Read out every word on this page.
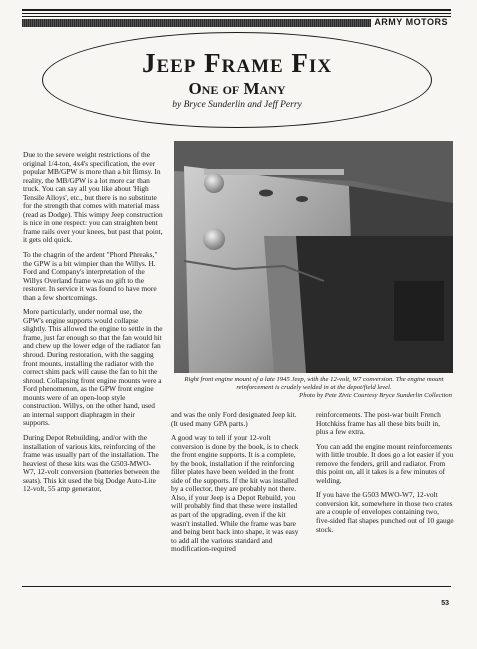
ARMY MOTORS
Jeep Frame Fix
One of Many
by Bryce Sunderlin and Jeff Perry

Due to the severe weight restrictions of the original 1/4-ton, 4x4's specification, the ever popular MB/GPW is more than a bit flimsy. In reality, the MB/GPW is a lot more car than truck. You can say all you like about 'High Tensile Alloys', etc., but there is no substitute for the strength that comes with material mass (read as Dodge). This wimpy Jeep construction is nice in one respect: you can straighten bent frame rails over your knees, but past that point, it gets old quick.

To the chagrin of the ardent "Phord Phreaks," the GPW is a bit wimpier than the Willys. H. Ford and Company's interpretation of the Willys Overland frame was no gift to the restorer. In service it was found to have more than a few shortcomings.

More particularly, under normal use, the GPW's engine supports would collapse slightly. This allowed the engine to settle in the frame, just far enough so that the fan would hit and chew up the lower edge of the radiator fan shroud. During restoration, with the sagging front mounts, installing the radiator with the correct shim pack will cause the fan to hit the shroud. Collapsing front engine mounts were a Ford phenomenon, as the GPW front engine mounts were of an open-loop style construction. Willys, on the other hand, used an internal support diaphragm in their supports.

During Depot Rebuilding, and/or with the installation of various kits, reinforcing of the frame was usually part of the installation. The heaviest of these kits was the G503-MWO-W7, 12-volt conversion (batteries between the seats). This kit used the big Dodge Auto-Lite 12-volt, 55 amp generator,

Right front engine mount of a late 1945 Jeep, with the 12-volt, W7 conversion. The engine mount reinforcement is crudely welded in at the depot/field level.
Photo by Pete Zivic Courtesy Bryce Sunderlin Collection

and was the only Ford designated Jeep kit. (It used many GPA parts.)

A good way to tell if your 12-volt conversion is done by the book, is to check the front engine supports. It is a complete, by the book, installation if the reinforcing filler plates have been welded in the front side of the supports. If the kit was installed by a collector, they are probably not there. Also, if your Jeep is a Depot Rebuild, you will probably find that these were installed as part of the upgrading, even if the kit wasn't installed. While the frame was bare and being bent back into shape, it was easy to add all the various standard and modification-required

reinforcements. The post-war built French Hotchkiss frame has all these bits built in, plus a few extra.

You can add the engine mount reinforcements with little trouble. It does go a lot easier if you remove the fenders, grill and radiator. From this point on, all it takes is a few minutes of welding.

If you have the G503 MWO-W7, 12-volt conversion kit, somewhere in those two crates are a couple of envelopes containing two, five-sided flat shapes punched out of 10 gauge stock.

53
